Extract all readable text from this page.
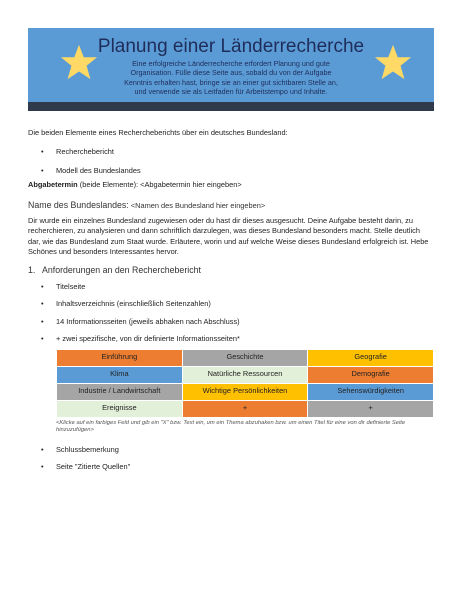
Planung einer Länderrecherche
Eine erfolgreiche Länderrecherche erfordert Planung und gute Organisation. Fülle diese Seite aus, sobald du von der Aufgabe Kenntnis erhalten hast, bringe sie an einer gut sichtbaren Stelle an, und verwende sie als Leitfaden für Arbeitstempo und Inhalte.

Die beiden Elemente eines Rechercheberichts über ein deutsches Bundesland:

• Recherchebericht
• Modell des Bundeslandes

Abgabetermin (beide Elemente): <Abgabetermin hier eingeben>

Name des Bundeslandes: <Namen des Bundesland hier eingeben>

Dir wurde ein einzelnes Bundesland zugewiesen oder du hast dir dieses ausgesucht. Deine Aufgabe besteht darin, zu recherchieren, zu analysieren und dann schriftlich darzulegen, was dieses Bundesland besonders macht. Stelle deutlich dar, wie das Bundesland zum Staat wurde. Erläutere, worin und auf welche Weise dieses Bundesland erfolgreich ist. Hebe Schönes und besonders Interessantes hervor.

1. Anforderungen an den Recherchebericht
• Titelseite
• Inhaltsverzeichnis (einschließlich Seitenzahlen)
• 14 Informationsseiten (jeweils abhaken nach Abschluss)
• + zwei spezifische, von dir definierte Informationsseiten*
Einführung	Geschichte	Geografie
Klima	Natürliche Ressourcen	Demografie
Industrie / Landwirtschaft	Wichtige Persönlichkeiten	Sehenswürdigkeiten
Ereignisse	+	+
<Klicke auf ein farbiges Feld und gib ein "X" bzw. Text ein, um ein Thema abzuhaken bzw. um einen Titel für eine von dir definierte Seite hinzuzufügen>
• Schlussbemerkung
• Seite "Zitierte Quellen"
